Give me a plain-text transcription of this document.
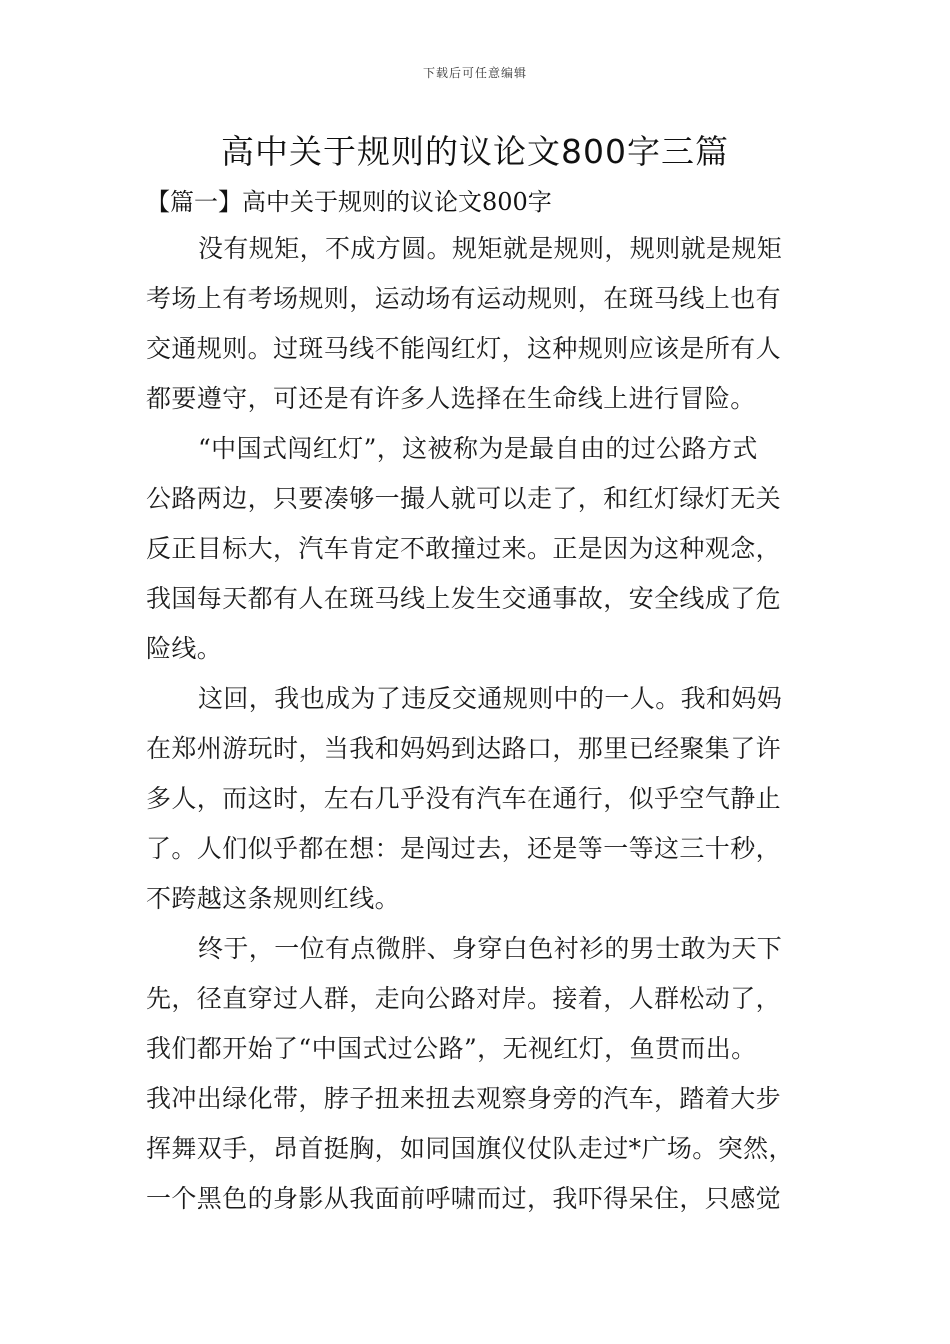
下载后可任意编辑
高中关于规则的议论文800字三篇
【篇一】高中关于规则的议论文800字
没有规矩，不成方圆。规矩就是规则，规则就是规矩
考场上有考场规则，运动场有运动规则，在斑马线上也有
交通规则。过斑马线不能闯红灯，这种规则应该是所有人
都要遵守，可还是有许多人选择在生命线上进行冒险。
“中国式闯红灯”，这被称为是最自由的过公路方式
公路两边，只要凑够一撮人就可以走了，和红灯绿灯无关
反正目标大，汽车肯定不敢撞过来。正是因为这种观念，
我国每天都有人在斑马线上发生交通事故，安全线成了危
险线。
这回，我也成为了违反交通规则中的一人。我和妈妈
在郑州游玩时，当我和妈妈到达路口，那里已经聚集了许
多人，而这时，左右几乎没有汽车在通行，似乎空气静止
了。人们似乎都在想：是闯过去，还是等一等这三十秒，
不跨越这条规则红线。
终于，一位有点微胖、身穿白色衬衫的男士敢为天下
先，径直穿过人群，走向公路对岸。接着，人群松动了，
我们都开始了“中国式过公路”，无视红灯，鱼贯而出。
我冲出绿化带，脖子扭来扭去观察身旁的汽车，踏着大步
挥舞双手，昂首挺胸，如同国旗仪仗队走过*广场。突然，
一个黑色的身影从我面前呼啸而过，我吓得呆住，只感觉
